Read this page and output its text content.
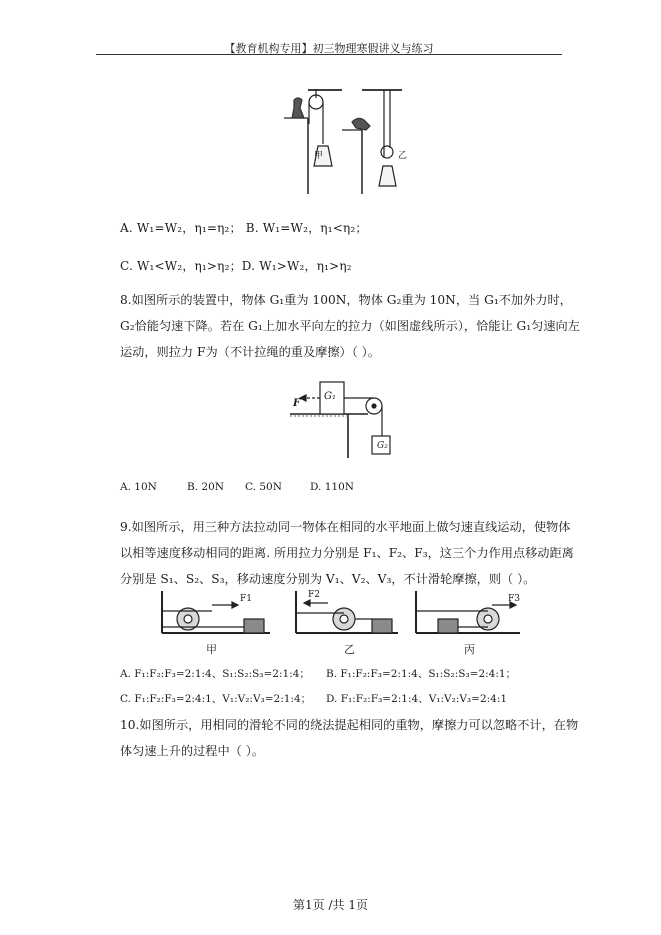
【教育机构专用】初三物理寒假讲义与练习
甲	乙
A. W₁=W₂，η₁=η₂； B. W₁=W₂，η₁<η₂；
C. W₁<W₂，η₁>η₂；D. W₁>W₂，η₁>η₂
8.如图所示的装置中，物体 G₁重为 100N，物体 G₂重为 10N，当 G₁不加外力时，G₂恰能匀速下降。若在 G₁上加水平向左的拉力（如图虚线所示），恰能让 G₁匀速向左运动，则拉力 F为（不计拉绳的重及摩擦）（ ）。
G₁
G₂
F
A. 10N	B. 20N C. 50N	D. 110N
9.如图所示，用三种方法拉动同一物体在相同的水平地面上做匀速直线运动，使物体以相等速度移动相同的距离. 所用拉力分别是 F₁、F₂、F₃，这三个力作用点移动距离分别是 S₁、S₂、S₃，移动速度分别为 V₁、V₂、V₃，不计滑轮摩擦，则（ ）。
F1	F2	F3
甲	乙	丙
A. F₁:F₂:F₃=2:1:4、S₁:S₂:S₃=2:1:4； B. F₁:F₂:F₃=2:1:4、S₁:S₂:S₃=2:4:1；
C. F₁:F₂:F₃=2:4:1、V₁:V₂:V₃=2:1:4； D. F₁:F₂:F₃=2:1:4、V₁:V₂:V₃=2:4:1
10.如图所示，用相同的滑轮不同的绕法提起相同的重物，摩擦力可以忽略不计，在物体匀速上升的过程中（ ）。
第1页 /共 1页
